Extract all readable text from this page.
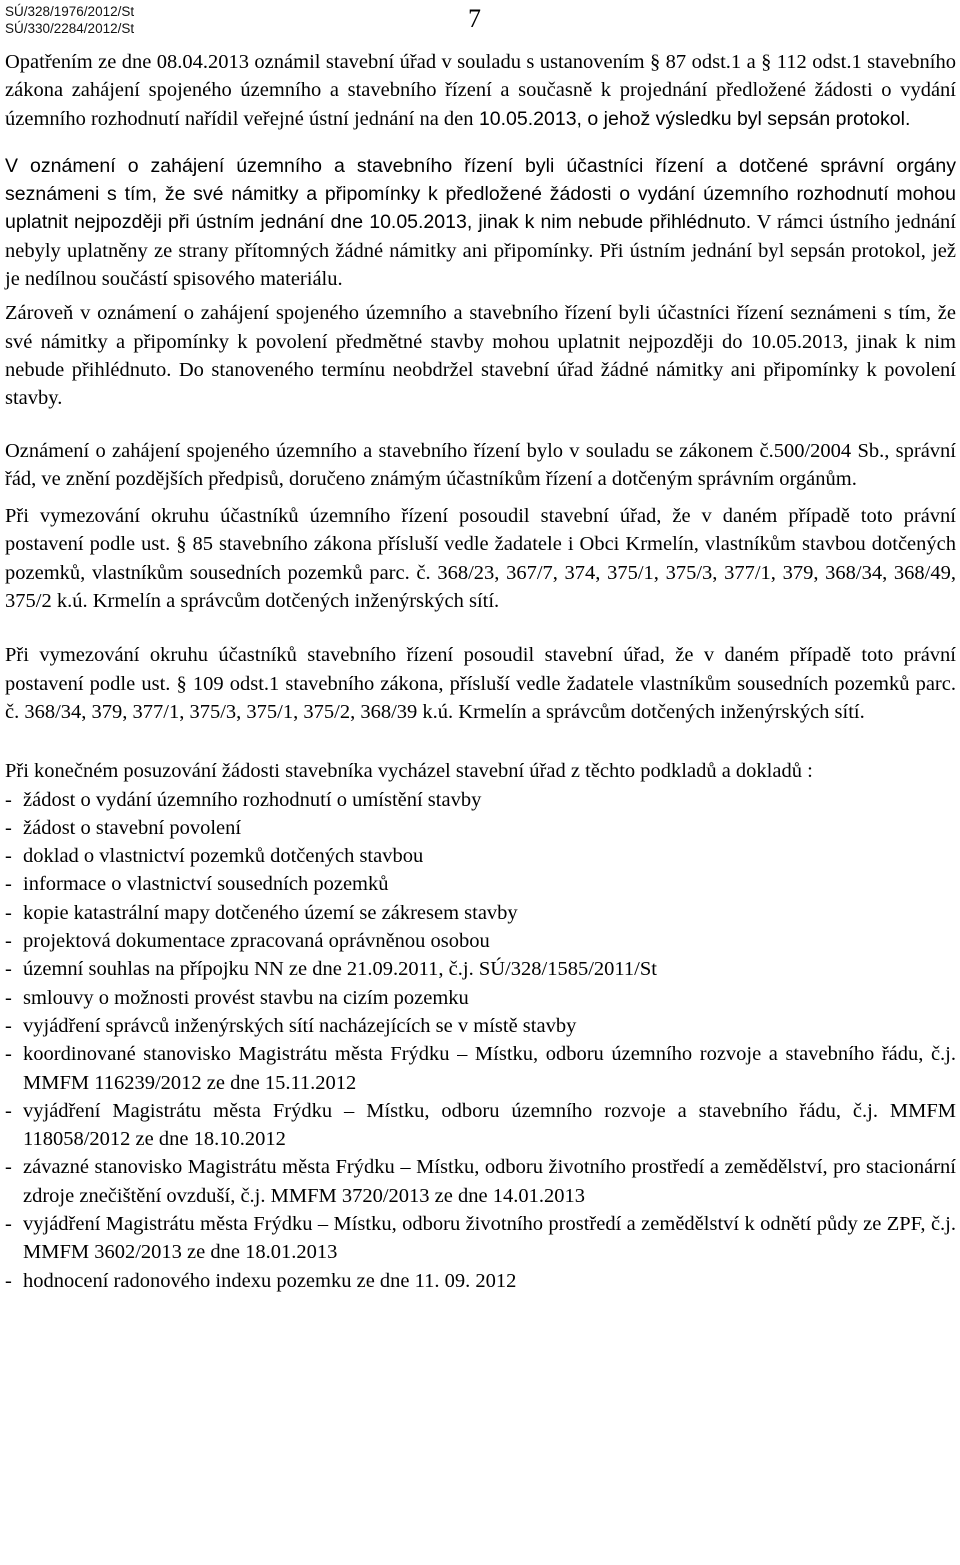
SÚ/328/1976/2012/St
SÚ/330/2284/2012/St	7

Opatřením ze dne 08.04.2013 oznámil stavební úřad v souladu s ustanovením § 87 odst.1 a § 112 odst.1 stavebního zákona zahájení spojeného územního a stavebního řízení a současně k projednání předložené žádosti o vydání územního rozhodnutí nařídil veřejné ústní jednání na den 10.05.2013, o jehož výsledku byl sepsán protokol.

V oznámení o zahájení územního a stavebního řízení byli účastníci řízení a dotčené správní orgány seznámeni s tím, že své námitky a připomínky k předložené žádosti o vydání územního rozhodnutí mohou uplatnit nejpozději při ústním jednání dne 10.05.2013, jinak k nim nebude přihlédnuto. V rámci ústního jednání nebyly uplatněny ze strany přítomných žádné námitky ani připomínky. Při ústním jednání byl sepsán protokol, jež je nedílnou součástí spisového materiálu.

Zároveň v oznámení o zahájení spojeného územního a stavebního řízení byli účastníci řízení seznámeni s tím, že své námitky a připomínky k povolení předmětné stavby mohou uplatnit nejpozději do 10.05.2013, jinak k nim nebude přihlédnuto. Do stanoveného termínu neobdržel stavební úřad žádné námitky ani připomínky k povolení stavby.

Oznámení o zahájení spojeného územního a stavebního řízení bylo v souladu se zákonem č.500/2004 Sb., správní řád, ve znění pozdějších předpisů, doručeno známým účastníkům řízení a dotčeným správním orgánům.

Při vymezování okruhu účastníků územního řízení posoudil stavební úřad, že v daném případě toto právní postavení podle ust. § 85 stavebního zákona přísluší vedle žadatele i Obci Krmelín, vlastníkům stavbou dotčených pozemků, vlastníkům sousedních pozemků parc. č. 368/23, 367/7, 374, 375/1, 375/3, 377/1, 379, 368/34, 368/49, 375/2 k.ú. Krmelín a správcům dotčených inženýrských sítí.

Při vymezování okruhu účastníků stavebního řízení posoudil stavební úřad, že v daném případě toto právní postavení podle ust. § 109 odst.1 stavebního zákona, přísluší vedle žadatele vlastníkům sousedních pozemků parc. č. 368/34, 379, 377/1, 375/3, 375/1, 375/2, 368/39 k.ú. Krmelín a správcům dotčených inženýrských sítí.

Při konečném posuzování žádosti stavebníka vycházel stavební úřad z těchto podkladů a dokladů :

- žádost o vydání územního rozhodnutí o umístění stavby
- žádost o stavební povolení
- doklad o vlastnictví pozemků dotčených stavbou
- informace o vlastnictví sousedních pozemků
- kopie katastrální mapy dotčeného území se zákresem stavby
- projektová dokumentace zpracovaná oprávněnou osobou
- územní souhlas na přípojku NN ze dne 21.09.2011, č.j. SÚ/328/1585/2011/St
- smlouvy o možnosti provést stavbu na cizím pozemku
- vyjádření správců inženýrských sítí nacházejících se v místě stavby
- koordinované stanovisko Magistrátu města Frýdku – Místku, odboru územního rozvoje a stavebního řádu, č.j. MMFM 116239/2012 ze dne 15.11.2012
- vyjádření Magistrátu města Frýdku – Místku, odboru územního rozvoje a stavebního řádu, č.j. MMFM 118058/2012 ze dne 18.10.2012
- závazné stanovisko Magistrátu města Frýdku – Místku, odboru životního prostředí a zemědělství, pro stacionární zdroje znečištění ovzduší, č.j. MMFM 3720/2013 ze dne 14.01.2013
- vyjádření Magistrátu města Frýdku – Místku, odboru životního prostředí a zemědělství k odnětí půdy ze ZPF, č.j. MMFM 3602/2013 ze dne 18.01.2013
- hodnocení radonového indexu pozemku ze dne 11. 09. 2012
